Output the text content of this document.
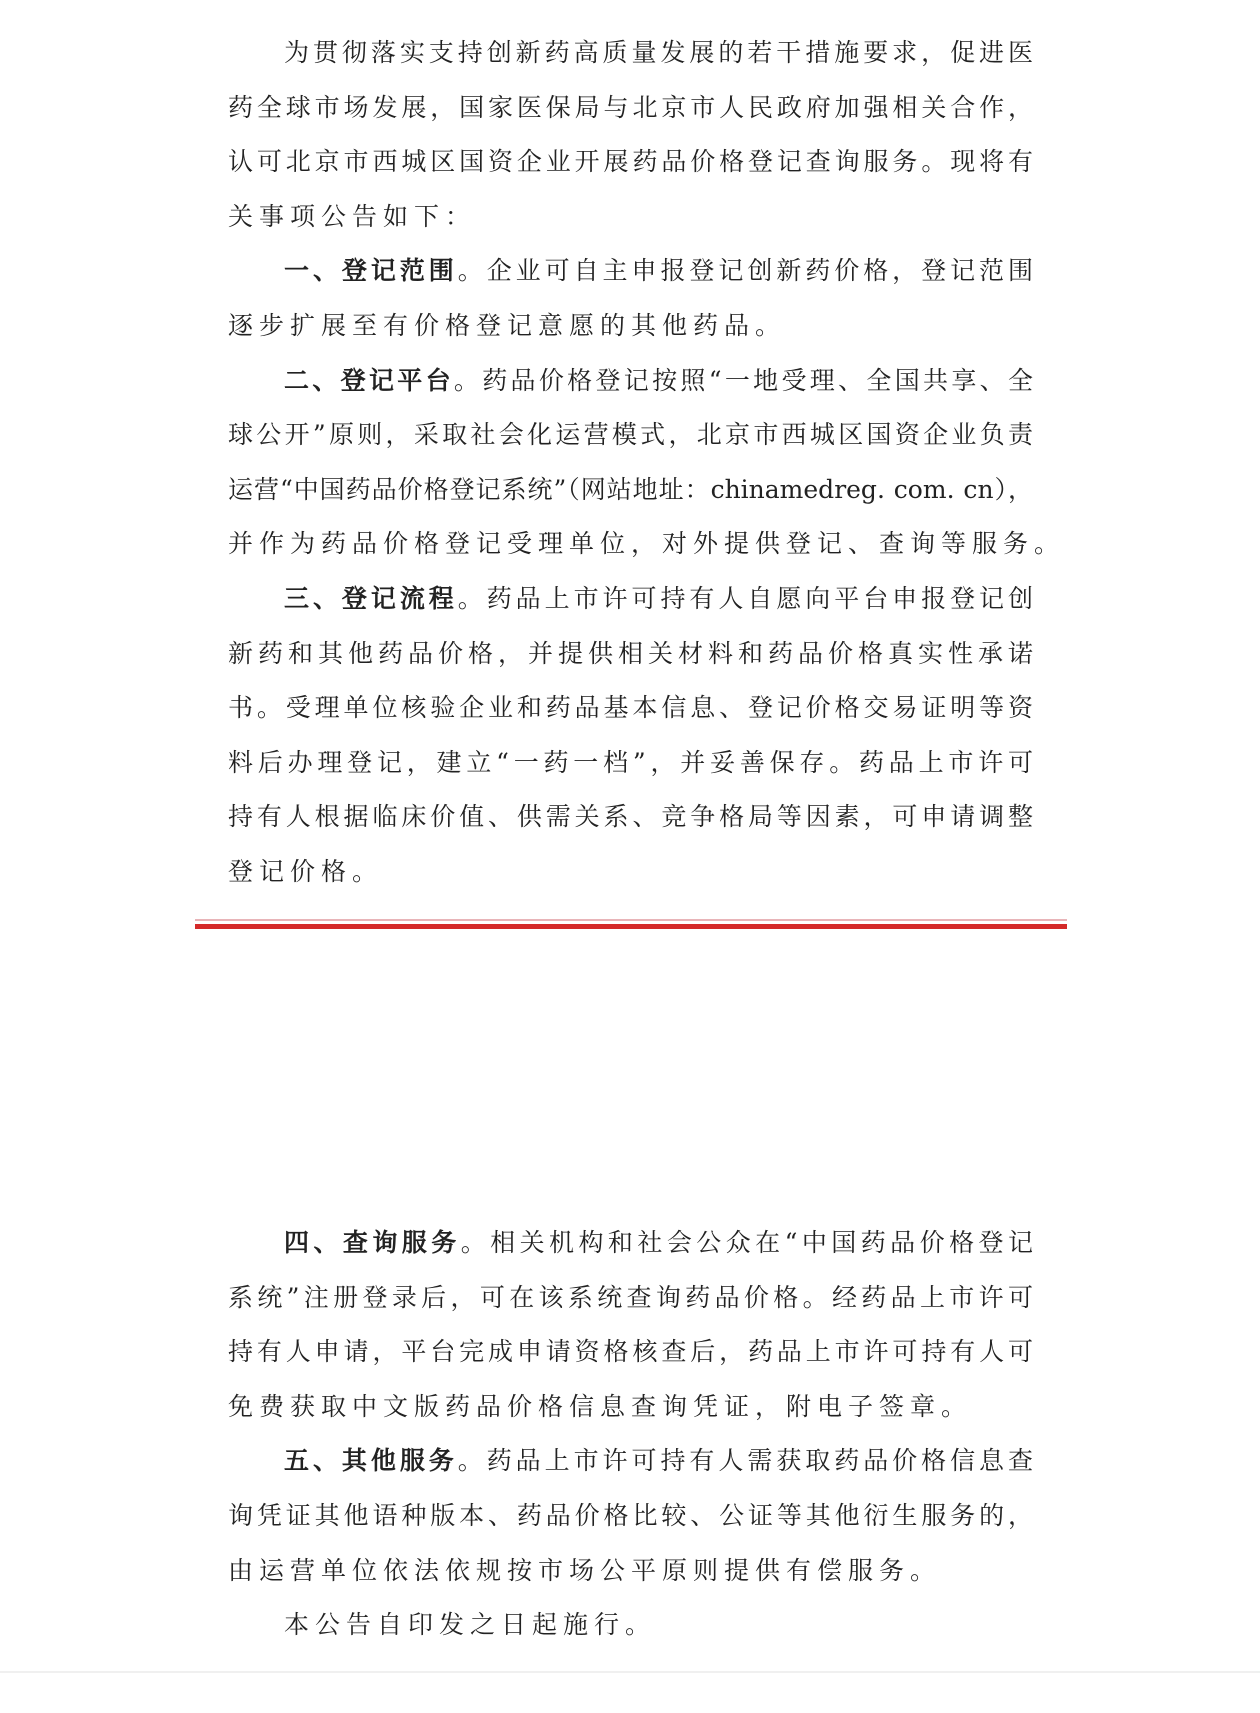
为贯彻落实支持创新药高质量发展的若干措施要求，促进医
药全球市场发展，国家医保局与北京市人民政府加强相关合作，
认可北京市西城区国资企业开展药品价格登记查询服务。现将有
关事项公告如下：
一、登记范围。企业可自主申报登记创新药价格，登记范围
逐步扩展至有价格登记意愿的其他药品。
二、登记平台。药品价格登记按照“一地受理、全国共享、全
球公开”原则，采取社会化运营模式，北京市西城区国资企业负责
运营“中国药品价格登记系统”（网站地址：chinamedreg. com. cn），
并作为药品价格登记受理单位，对外提供登记、查询等服务。
三、登记流程。药品上市许可持有人自愿向平台申报登记创
新药和其他药品价格，并提供相关材料和药品价格真实性承诺
书。受理单位核验企业和药品基本信息、登记价格交易证明等资
料后办理登记，建立“一药一档”，并妥善保存。药品上市许可
持有人根据临床价值、供需关系、竞争格局等因素，可申请调整
登记价格。
四、查询服务。相关机构和社会公众在“中国药品价格登记
系统”注册登录后，可在该系统查询药品价格。经药品上市许可
持有人申请，平台完成申请资格核查后，药品上市许可持有人可
免费获取中文版药品价格信息查询凭证，附电子签章。
五、其他服务。药品上市许可持有人需获取药品价格信息查
询凭证其他语种版本、药品价格比较、公证等其他衍生服务的，
由运营单位依法依规按市场公平原则提供有偿服务。
本公告自印发之日起施行。
